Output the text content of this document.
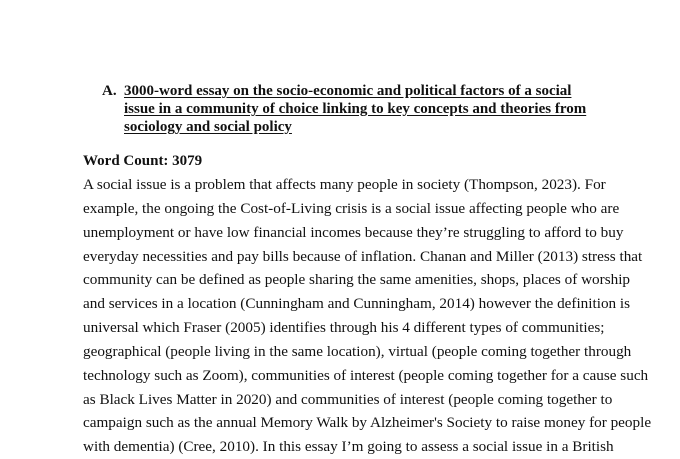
A. 3000-word essay on the socio-economic and political factors of a social issue in a community of choice linking to key concepts and theories from sociology and social policy
Word Count: 3079
A social issue is a problem that affects many people in society (Thompson, 2023). For
example, the ongoing the Cost-of-Living crisis is a social issue affecting people who are
unemployment or have low financial incomes because they’re struggling to afford to buy
everyday necessities and pay bills because of inflation. Chanan and Miller (2013) stress that
community can be defined as people sharing the same amenities, shops, places of worship
and services in a location (Cunningham and Cunningham, 2014) however the definition is
universal which Fraser (2005) identifies through his 4 different types of communities;
geographical (people living in the same location), virtual (people coming together through
technology such as Zoom), communities of interest (people coming together for a cause such
as Black Lives Matter in 2020) and communities of interest (people coming together to
campaign such as the annual Memory Walk by Alzheimer's Society to raise money for people
with dementia) (Cree, 2010). In this essay I’m going to assess a social issue in a British
